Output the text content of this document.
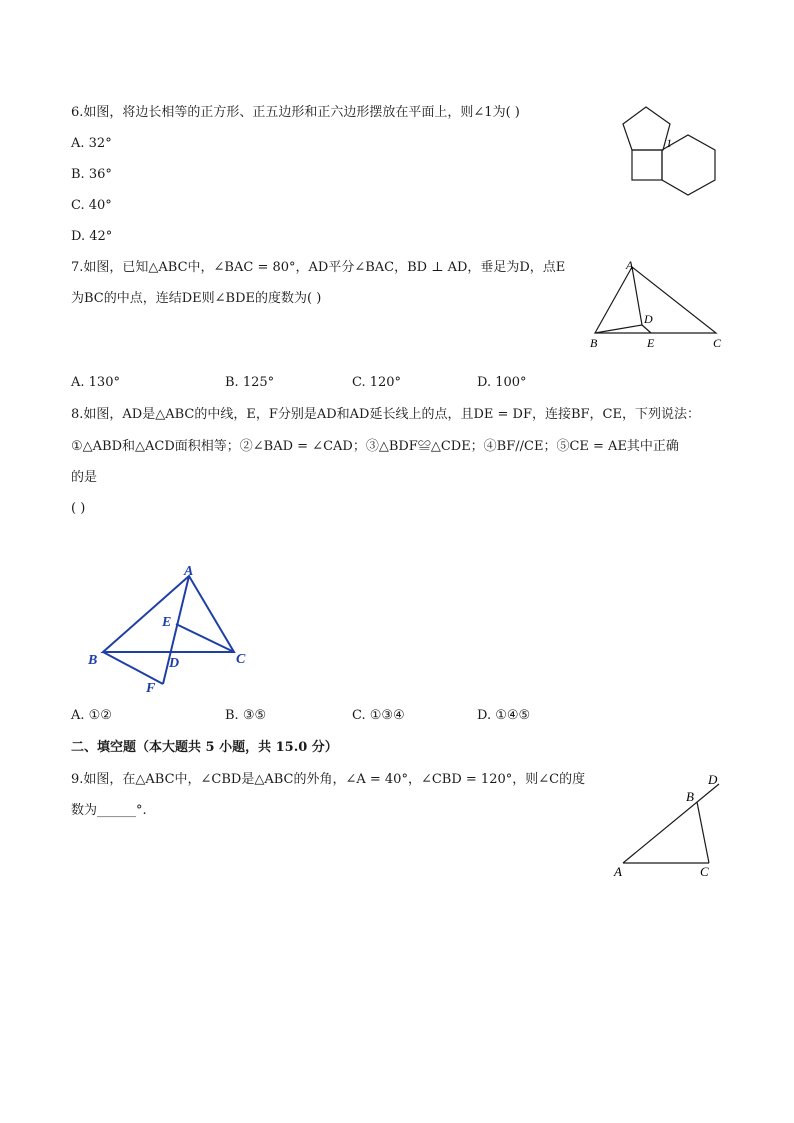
6.如图，将边长相等的正方形、正五边形和正六边形摆放在平面上，则∠1为( )
A. 32°
B. 36°
C. 40°
D. 42°
1
7.如图，已知△ABC中，∠BAC = 80°，AD平分∠BAC，BD ⊥ AD，垂足为D，点E
为BC的中点，连结DE则∠BDE的度数为( )
A
B	C
D
E
A. 130°	B. 125°	C. 120°	D. 100°
8.如图，AD是△ABC的中线，E，F分别是AD和AD延长线上的点，且DE = DF，连接BF，CE，下列说法：
①△ABD和△ACD面积相等；②∠BAD = ∠CAD；③△BDF≌△CDE；④BF//CE；⑤CE = AE其中正确
的是
( )
A
B	C
D
E
F
A. ①②	B. ③⑤	C. ①③④	D. ①④⑤
二、填空题（本大题共 5 小题，共 15.0 分）
9.如图，在△ABC中，∠CBD是△ABC的外角，∠A = 40°，∠CBD = 120°，则∠C的度
数为______°.
D
B
A	C
